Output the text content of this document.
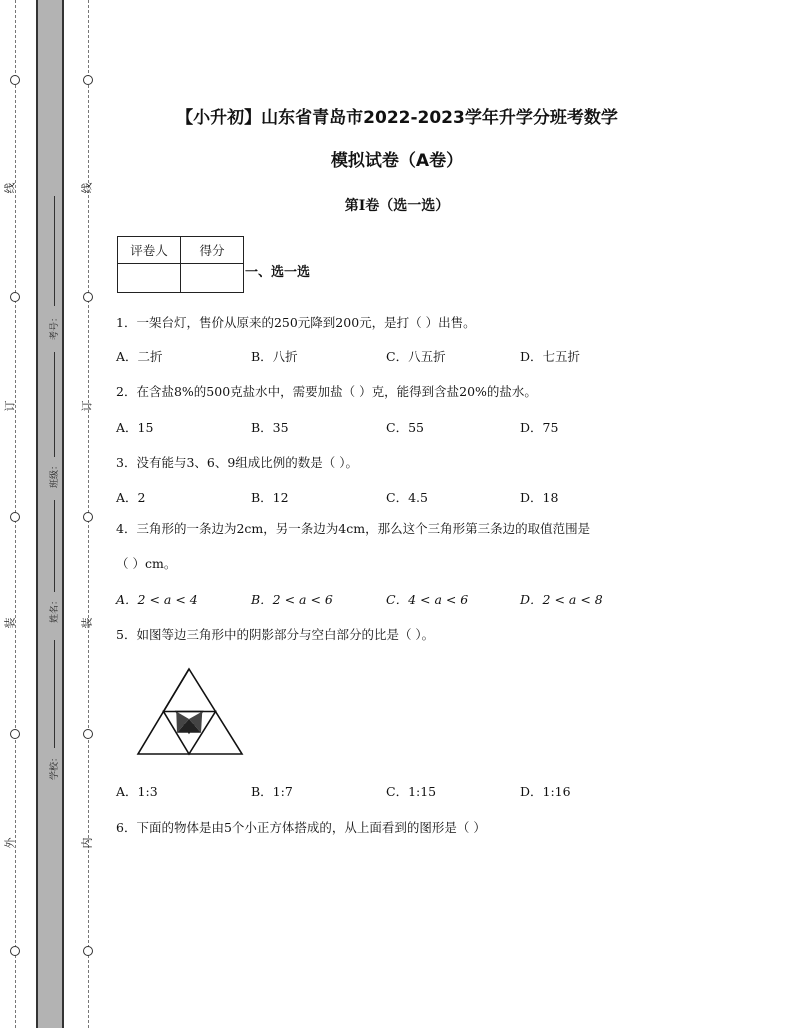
线
订
装
外
线
订
装
内
考号：
班级：
姓名：
学校：
【小升初】山东省青岛市2022-2023学年升学分班考数学
模拟试卷（A卷）
第I卷（选一选）
评卷人	得分

一、选一选
1．一架台灯，售价从原来的250元降到200元，是打（ ）出售。
A．二折	B．八折	C．八五折	D．七五折
2．在含盐8%的500克盐水中，需要加盐（ ）克，能得到含盐20%的盐水。
A．15	B．35	C．55	D．75
3．没有能与3、6、9组成比例的数是（ ）。
A．2	B．12	C．4.5	D．18
4．三角形的一条边为2cm，另一条边为4cm，那么这个三角形第三条边的取值范围是
（ ）cm。
A．2 < a < 4	B．2 < a < 6	C．4 < a < 6	D．2 < a < 8
5．如图等边三角形中的阴影部分与空白部分的比是（ ）。
A．1:3	B．1:7	C．1:15	D．1:16
6．下面的物体是由5个小正方体搭成的，从上面看到的图形是（ ）
